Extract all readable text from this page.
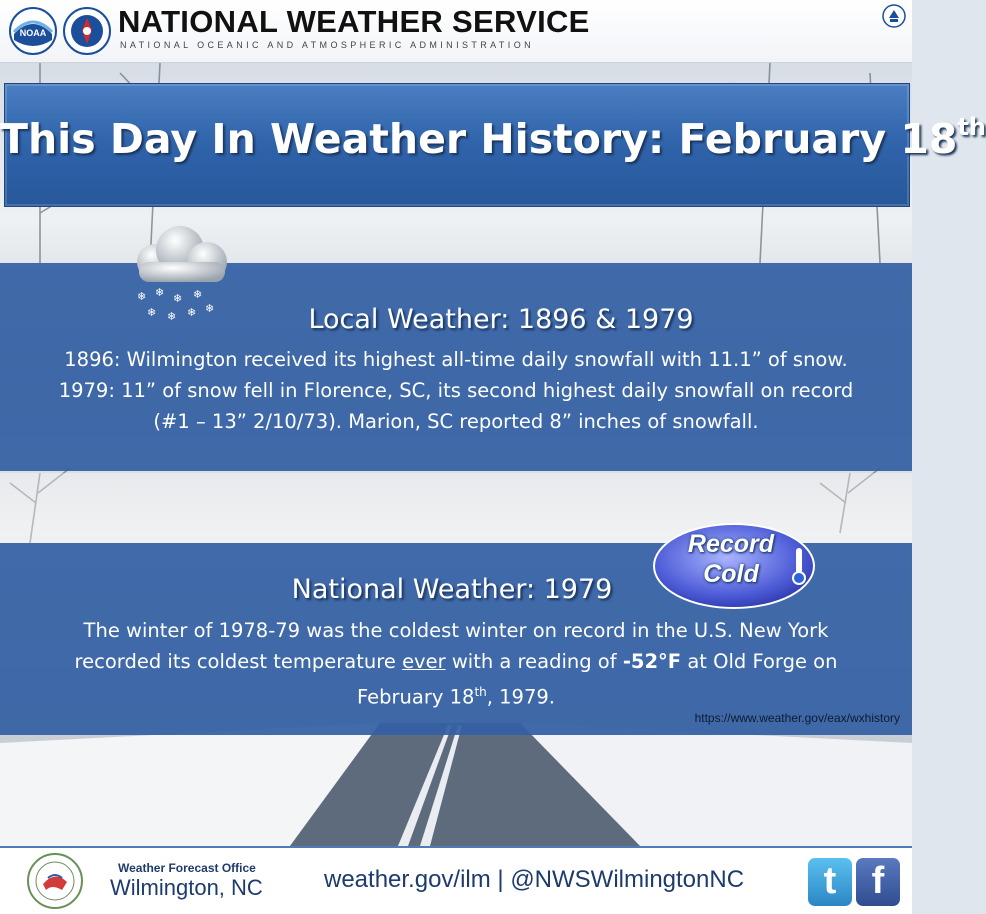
NOAA NATIONAL WEATHER SERVICE
NATIONAL OCEANIC AND ATMOSPHERIC ADMINISTRATION
This Day In Weather History: February 18th
❄ ❄ ❄ ❄
❄ ❄ ❄ ❄	Local Weather: 1896 & 1979
1896: Wilmington received its highest all-time daily snowfall with 11.1” of snow.
1979: 11” of snow fell in Florence, SC, its second highest daily snowfall on record
(#1 – 13” 2/10/73). Marion, SC reported 8” inches of snowfall.
National Weather: 1979
The winter of 1978-79 was the coldest winter on record in the U.S. New York
recorded its coldest temperature ever with a reading of -52°F at Old Forge on
February 18th, 1979.
https://www.weather.gov/eax/wxhistory
Record
Cold
Weather Forecast Office
Wilmington, NC	weather.gov/ilm | @NWSWilmingtonNC	t f
